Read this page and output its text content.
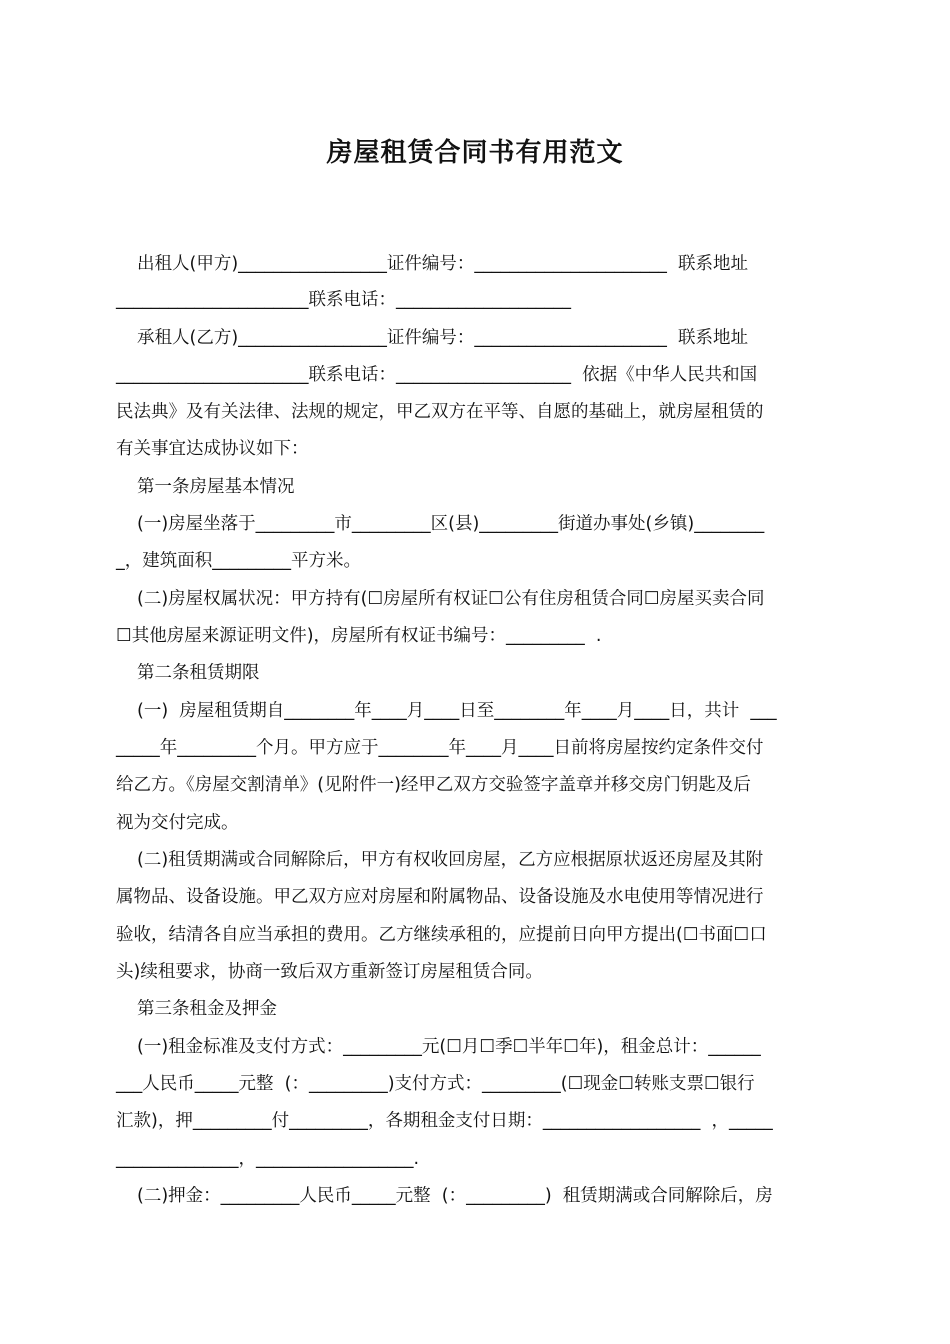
房屋租赁合同书有用范文

出租人(甲方)_________________证件编号：______________________  联系地址

______________________联系电话：____________________

承租人(乙方)_________________证件编号：______________________  联系地址

______________________联系电话：____________________  依据《中华人民共和国

民法典》及有关法律、法规的规定，甲乙双方在平等、自愿的基础上，就房屋租赁的

有关事宜达成协议如下：

第一条房屋基本情况

(一)房屋坐落于_________市_________区(县)_________街道办事处(乡镇)________

_，建筑面积_________平方米。

(二)房屋权属状况：甲方持有(☐房屋所有权证☐公有住房租赁合同☐房屋买卖合同

☐其他房屋来源证明文件)，房屋所有权证书编号：_________  .

第二条租赁期限

(一)  房屋租赁期自________年____月____日至________年____月____日，共计  ___

_____年_________个月。甲方应于________年____月____日前将房屋按约定条件交付

给乙方。《房屋交割清单》(见附件一)经甲乙双方交验签字盖章并移交房门钥匙及后

视为交付完成。

(二)租赁期满或合同解除后，甲方有权收回房屋，乙方应根据原状返还房屋及其附

属物品、设备设施。甲乙双方应对房屋和附属物品、设备设施及水电使用等情况进行

验收，结清各自应当承担的费用。乙方继续承租的，应提前日向甲方提出(☐书面☐口

头)续租要求，协商一致后双方重新签订房屋租赁合同。

第三条租金及押金

(一)租金标准及支付方式：_________元(☐月☐季☐半年☐年)，租金总计：______

___人民币_____元整  (：_________)支付方式：_________(☐现金☐转账支票☐银行

汇款)，押_________付_________，各期租金支付日期：__________________  ，_____

______________，__________________.

(二)押金：_________人民币_____元整  (：_________)  租赁期满或合同解除后，房
